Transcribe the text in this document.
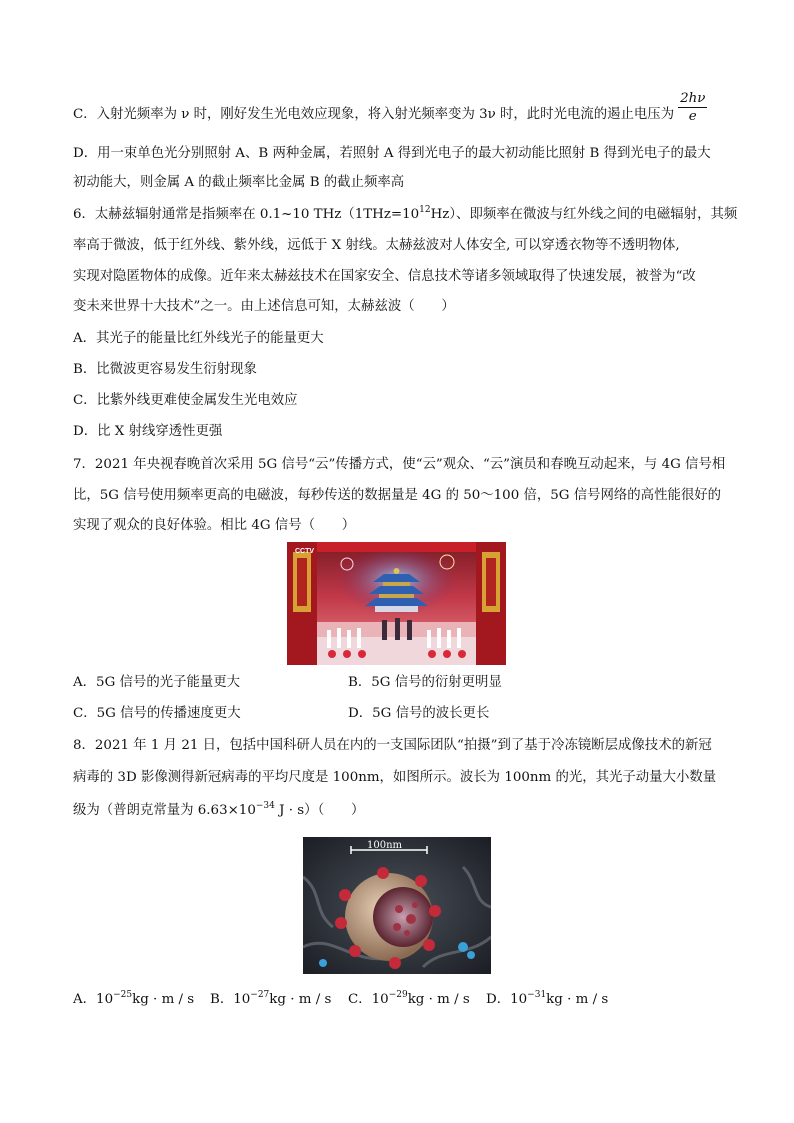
C．入射光频率为 ν 时，刚好发生光电效应现象，将入射光频率变为 3ν 时，此时光电流的遏止电压为 $\frac{2h\nu}{e}$
D．用一束单色光分别照射 A、B 两种金属，若照射 A 得到光电子的最大初动能比照射 B 得到光电子的最大
初动能大，则金属 A 的截止频率比金属 B 的截止频率高
6．太赫兹辐射通常是指频率在 0.1~10 $THz(1THz=10^{12}Hz)$、即频率在微波与红外线之间的电磁辐射，其频
率高于微波，低于红外线、紫外线，远低于 X 射线。太赫兹波对人体安全, 可以穿透衣物等不透明物体,
实现对隐匿物体的成像。近年来太赫兹技术在国家安全、信息技术等诸多领域取得了快速发展，被誉为“改
变未来世界十大技术”之一。由上述信息可知，太赫兹波（　　）
A．其光子的能量比红外线光子的能量更大
B．比微波更容易发生衍射现象
C．比紫外线更难使金属发生光电效应
D．比 X 射线穿透性更强
7．2021 年央视春晚首次采用 5G 信号“云”传播方式，使“云”观众、“云”演员和春晚互动起来，与 4G 信号相
比，5G 信号使用频率更高的电磁波，每秒传送的数据量是 4G 的 50～100 倍，5G 信号网络的高性能很好的
实现了观众的良好体验。相比 4G 信号（　　）
CCTV
A．5G 信号的光子能量更大	B．5G 信号的衍射更明显
C．5G 信号的传播速度更大	D．5G 信号的波长更长
8．2021 年 1 月 21 日，包括中国科研人员在内的一支国际团队“拍摄”到了基于冷冻镜断层成像技术的新冠
病毒的 3D 影像测得新冠病毒的平均尺度是 100nm，如图所示。波长为 100nm 的光，其光子动量大小数量
级为（普朗克常量为 $6.63\times 10^{-34}$ J · s）（　　）
100nm
A．$10^{-25}kg \cdot m / s$ B．$10^{-27}kg \cdot m / s$ C．$10^{-29}kg \cdot m / s$ D．$10^{-31}kg \cdot m / s$
